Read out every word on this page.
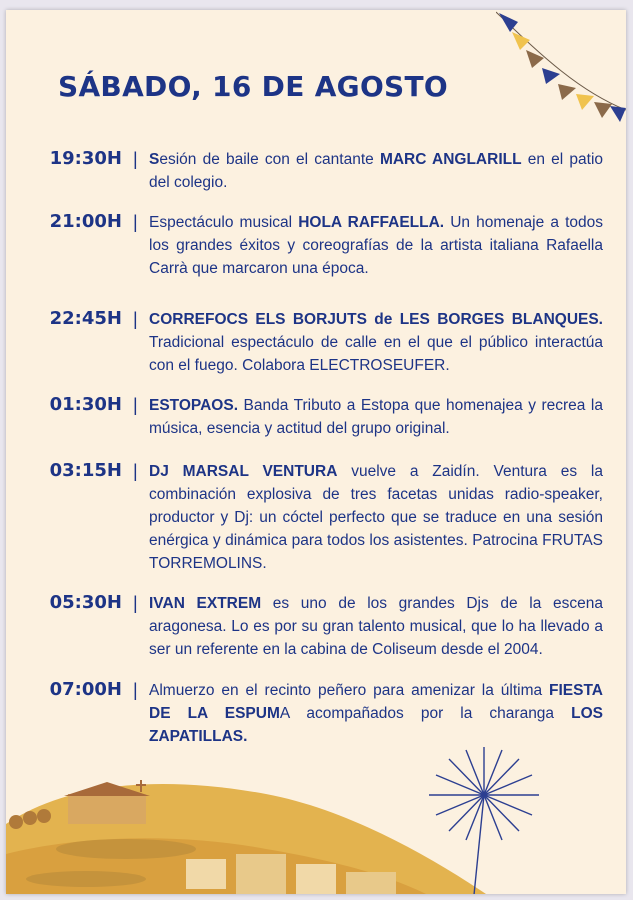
SÁBADO, 16 DE AGOSTO
19:30H | Sesión de baile con el cantante MARC ANGLARILL en el patio del colegio.
21:00H | Espectáculo musical HOLA RAFFAELLA. Un homenaje a todos los grandes éxitos y coreografías de la artista italiana Rafaella Carrà que marcaron una época.
22:45H | CORREFOCS ELS BORJUTS de LES BORGES BLANQUES. Tradicional espectáculo de calle en el que el público interactúa con el fuego. Colabora ELECTROSEUFER.
01:30H | ESTOPAOS. Banda Tributo a Estopa que homenajea y recrea la música, esencia y actitud del grupo original.
03:15H | DJ MARSAL VENTURA vuelve a Zaidín. Ventura es la combinación explosiva de tres facetas unidas radio-speaker, productor y Dj: un cóctel perfecto que se traduce en una sesión enérgica y dinámica para todos los asistentes. Patrocina FRUTAS TORREMOLINS.
05:30H | IVAN EXTREM es uno de los grandes Djs de la escena aragonesa. Lo es por su gran talento musical, que lo ha llevado a ser un referente en la cabina de Coliseum desde el 2004.
07:00H | Almuerzo en el recinto peñero para amenizar la última FIESTA DE LA ESPUMA acompañados por la charanga LOS ZAPATILLAS.
